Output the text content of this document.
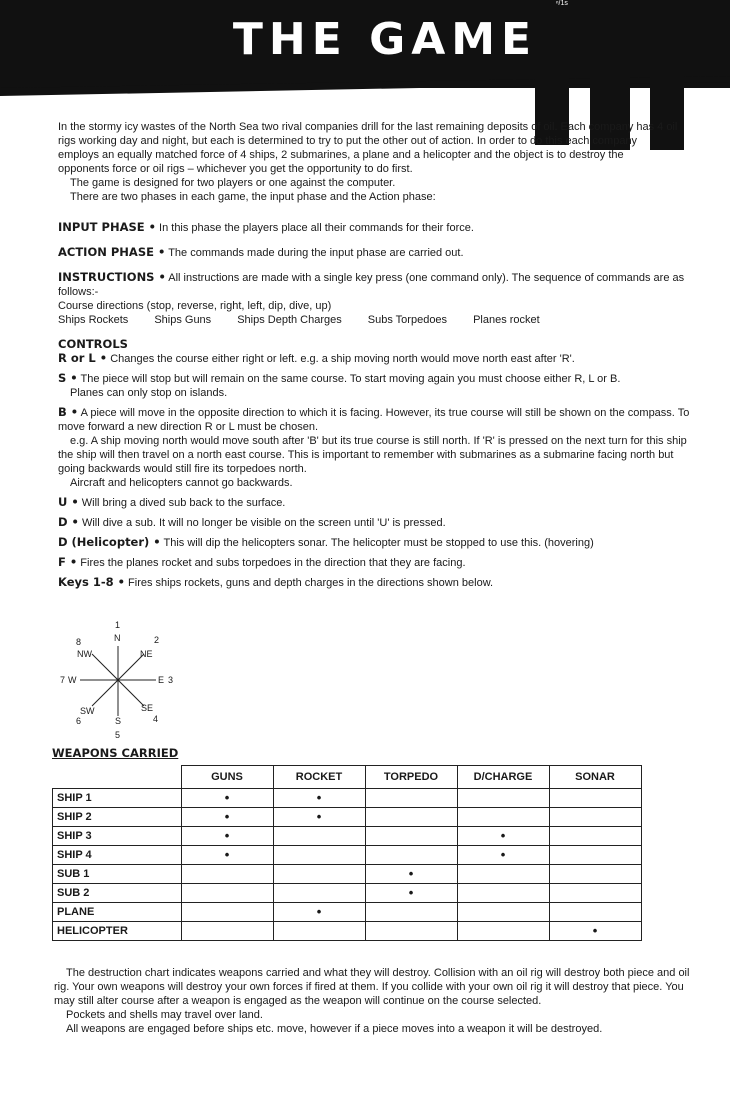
THE GAME

In the stormy icy wastes of the North Sea two rival companies drill for the last remaining deposits of oil. Each company has 4 oil rigs working day and night, but each is determined to try to put the other out of action. In order to do this each company employs an equally matched force of 4 ships, 2 submarines, a plane and a helicopter and the object is to destroy the opponents force or oil rigs – whichever you get the opportunity to do first.

The game is designed for two players or one against the computer.

There are two phases in each game, the input phase and the Action phase:

INPUT PHASE • In this phase the players place all their commands for their force.

ACTION PHASE • The commands made during the input phase are carried out.

INSTRUCTIONS • All instructions are made with a single key press (one command only). The sequence of commands are as follows:-

Course directions (stop, reverse, right, left, dip, dive, up)

Ships Rockets Ships Guns Ships Depth Charges Subs Torpedoes Planes rocket
CONTROLS

R or L • Changes the course either right or left. e.g. a ship moving north would move north east after 'R'.

S • The piece will stop but will remain on the same course. To start moving again you must choose either R, L or B.

Planes can only stop on islands.

B • A piece will move in the opposite direction to which it is facing. However, its true course will still be shown on the compass. To move forward a new direction R or L must be chosen.

e.g. A ship moving north would move south after 'B' but its true course is still north. If 'R' is pressed on the next turn for this ship the ship will then travel on a north east course. This is important to remember with submarines as a submarine facing north but going backwards would still fire its torpedoes north.

Aircraft and helicopters cannot go backwards.

U • Will bring a dived sub back to the surface.

D • Will dive a sub. It will no longer be visible on the screen until 'U' is pressed.

D (Helicopter) • This will dip the helicopters sonar. The helicopter must be stopped to use this. (hovering)

F • Fires the planes rocket and subs torpedoes in the direction that they are facing.

Keys 1-8 • Fires ships rockets, guns and depth charges in the directions shown below.

1
N	2
NE
E 3
SE
4
S
5
SW
6
7 W
NW
8
WEAPONS CARRIED
	GUNS	ROCKET	TORPEDO	D/CHARGE	SONAR
SHIP 1	•	•			
SHIP 2	•	•			
SHIP 3	•			•	
SHIP 4	•			•	
SUB 1			•		
SUB 2			•		
PLANE		•			
HELICOPTER					•

The destruction chart indicates weapons carried and what they will destroy. Collision with an oil rig will destroy both piece and oil rig. Your own weapons will destroy your own forces if fired at them. If you collide with your own oil rig it will destroy that piece. You may still alter course after a weapon is engaged as the weapon will continue on the course selected.

Pockets and shells may travel over land.

All weapons are engaged before ships etc. move, however if a piece moves into a weapon it will be destroyed.

ⁿ/1s
